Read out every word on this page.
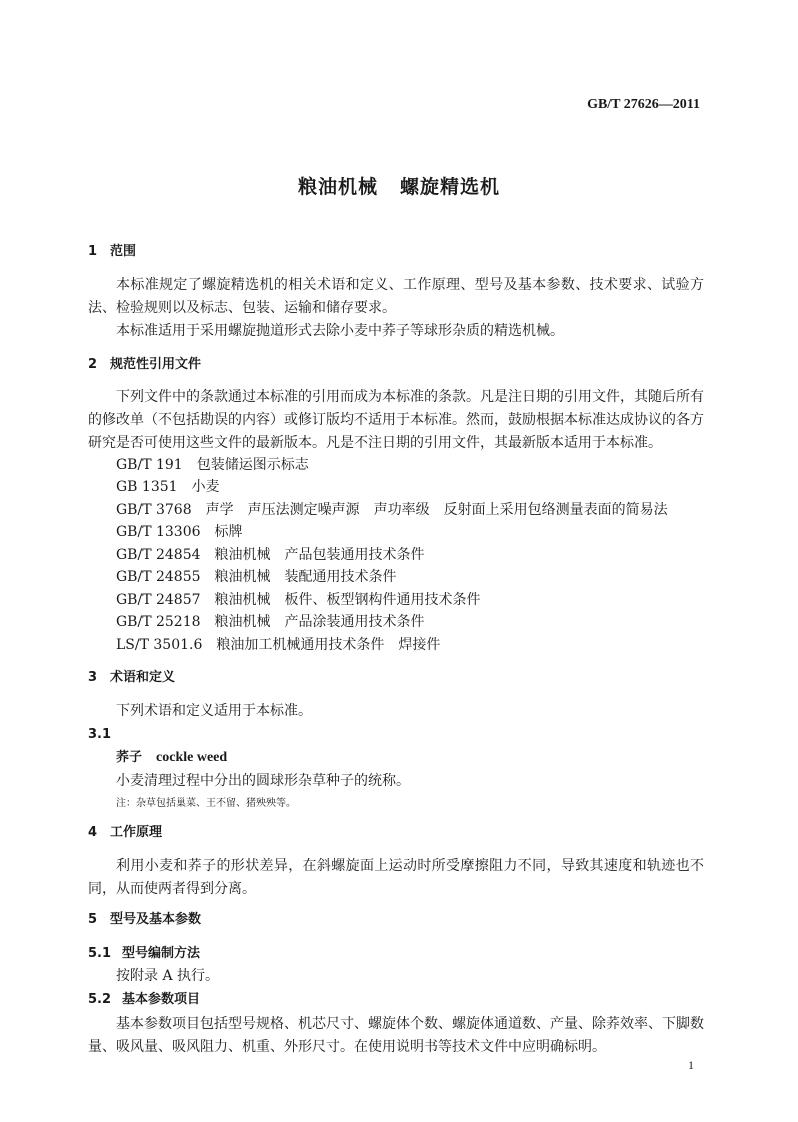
GB/T 27626—2011
粮油机械 螺旋精选机
1 范围
本标准规定了螺旋精选机的相关术语和定义、工作原理、型号及基本参数、技术要求、试验方法、检验规则以及标志、包装、运输和储存要求。
本标准适用于采用螺旋抛道形式去除小麦中荞子等球形杂质的精选机械。
2 规范性引用文件
下列文件中的条款通过本标准的引用而成为本标准的条款。凡是注日期的引用文件，其随后所有的修改单（不包括勘误的内容）或修订版均不适用于本标准。然而，鼓励根据本标准达成协议的各方研究是否可使用这些文件的最新版本。凡是不注日期的引用文件，其最新版本适用于本标准。
GB/T 191 包装储运图示标志
GB 1351 小麦
GB/T 3768 声学　声压法测定噪声源　声功率级　反射面上采用包络测量表面的简易法
GB/T 13306 标牌
GB/T 24854 粮油机械　产品包装通用技术条件
GB/T 24855 粮油机械　装配通用技术条件
GB/T 24857 粮油机械　板件、板型钢构件通用技术条件
GB/T 25218 粮油机械　产品涂装通用技术条件
LS/T 3501.6 粮油加工机械通用技术条件　焊接件
3 术语和定义
下列术语和定义适用于本标准。
3.1
荞子 cockle weed
小麦清理过程中分出的圆球形杂草种子的统称。
注：杂草包括巢菜、王不留、猪殃殃等。
4 工作原理
利用小麦和荞子的形状差异，在斜螺旋面上运动时所受摩擦阻力不同，导致其速度和轨迹也不同，从而使两者得到分离。
5 型号及基本参数
5.1 型号编制方法
按附录 A 执行。
5.2 基本参数项目
基本参数项目包括型号规格、机芯尺寸、螺旋体个数、螺旋体通道数、产量、除荞效率、下脚数量、吸风量、吸风阻力、机重、外形尺寸。在使用说明书等技术文件中应明确标明。
1
